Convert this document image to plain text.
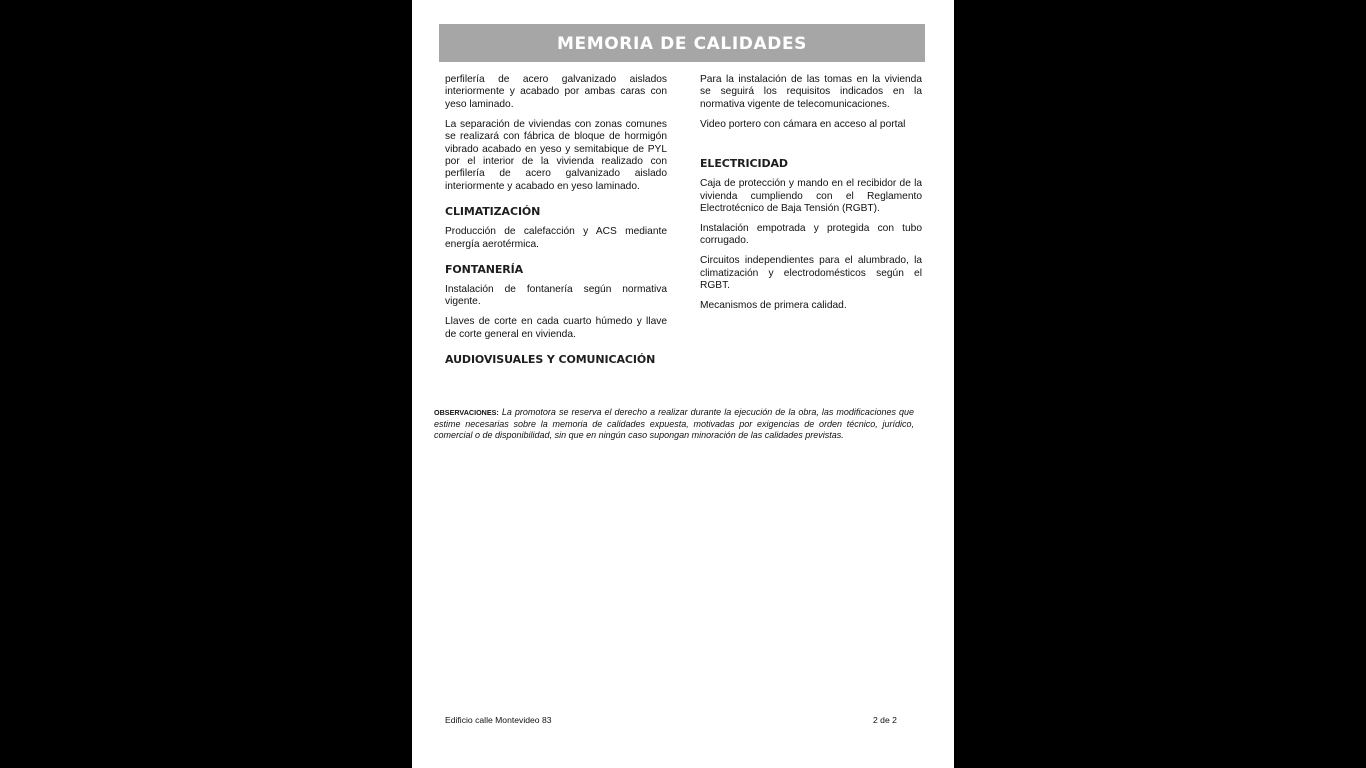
MEMORIA DE CALIDADES

perfilería de acero galvanizado aislados interiormente y acabado por ambas caras con yeso laminado.

La separación de viviendas con zonas comunes se realizará con fábrica de bloque de hormigón vibrado acabado en yeso y semitabique de PYL por el interior de la vivienda realizado con perfilería de acero galvanizado aislado interiormente y acabado en yeso laminado.

CLIMATIZACIÓN

Producción de calefacción y ACS mediante energía aerotérmica.

FONTANERÍA

Instalación de fontanería según normativa vigente.

Llaves de corte en cada cuarto húmedo y llave de corte general en vivienda.

AUDIOVISUALES Y COMUNICACIÓN

Para la instalación de las tomas en la vivienda se seguirá los requisitos indicados en la normativa vigente de telecomunicaciones.

Video portero con cámara en acceso al portal

ELECTRICIDAD

Caja de protección y mando en el recibidor de la vivienda cumpliendo con el Reglamento Electrotécnico de Baja Tensión (RGBT).

Instalación empotrada y protegida con tubo corrugado.

Circuitos independientes para el alumbrado, la climatización y electrodomésticos según el RGBT.

Mecanismos de primera calidad.

OBSERVACIONES: La promotora se reserva el derecho a realizar durante la ejecución de la obra, las modificaciones que estime necesarias sobre la memoria de calidades expuesta, motivadas por exigencias de orden técnico, jurídico, comercial o de disponibilidad, sin que en ningún caso supongan minoración de las calidades previstas.
Edificio calle Montevideo 83	2 de 2
